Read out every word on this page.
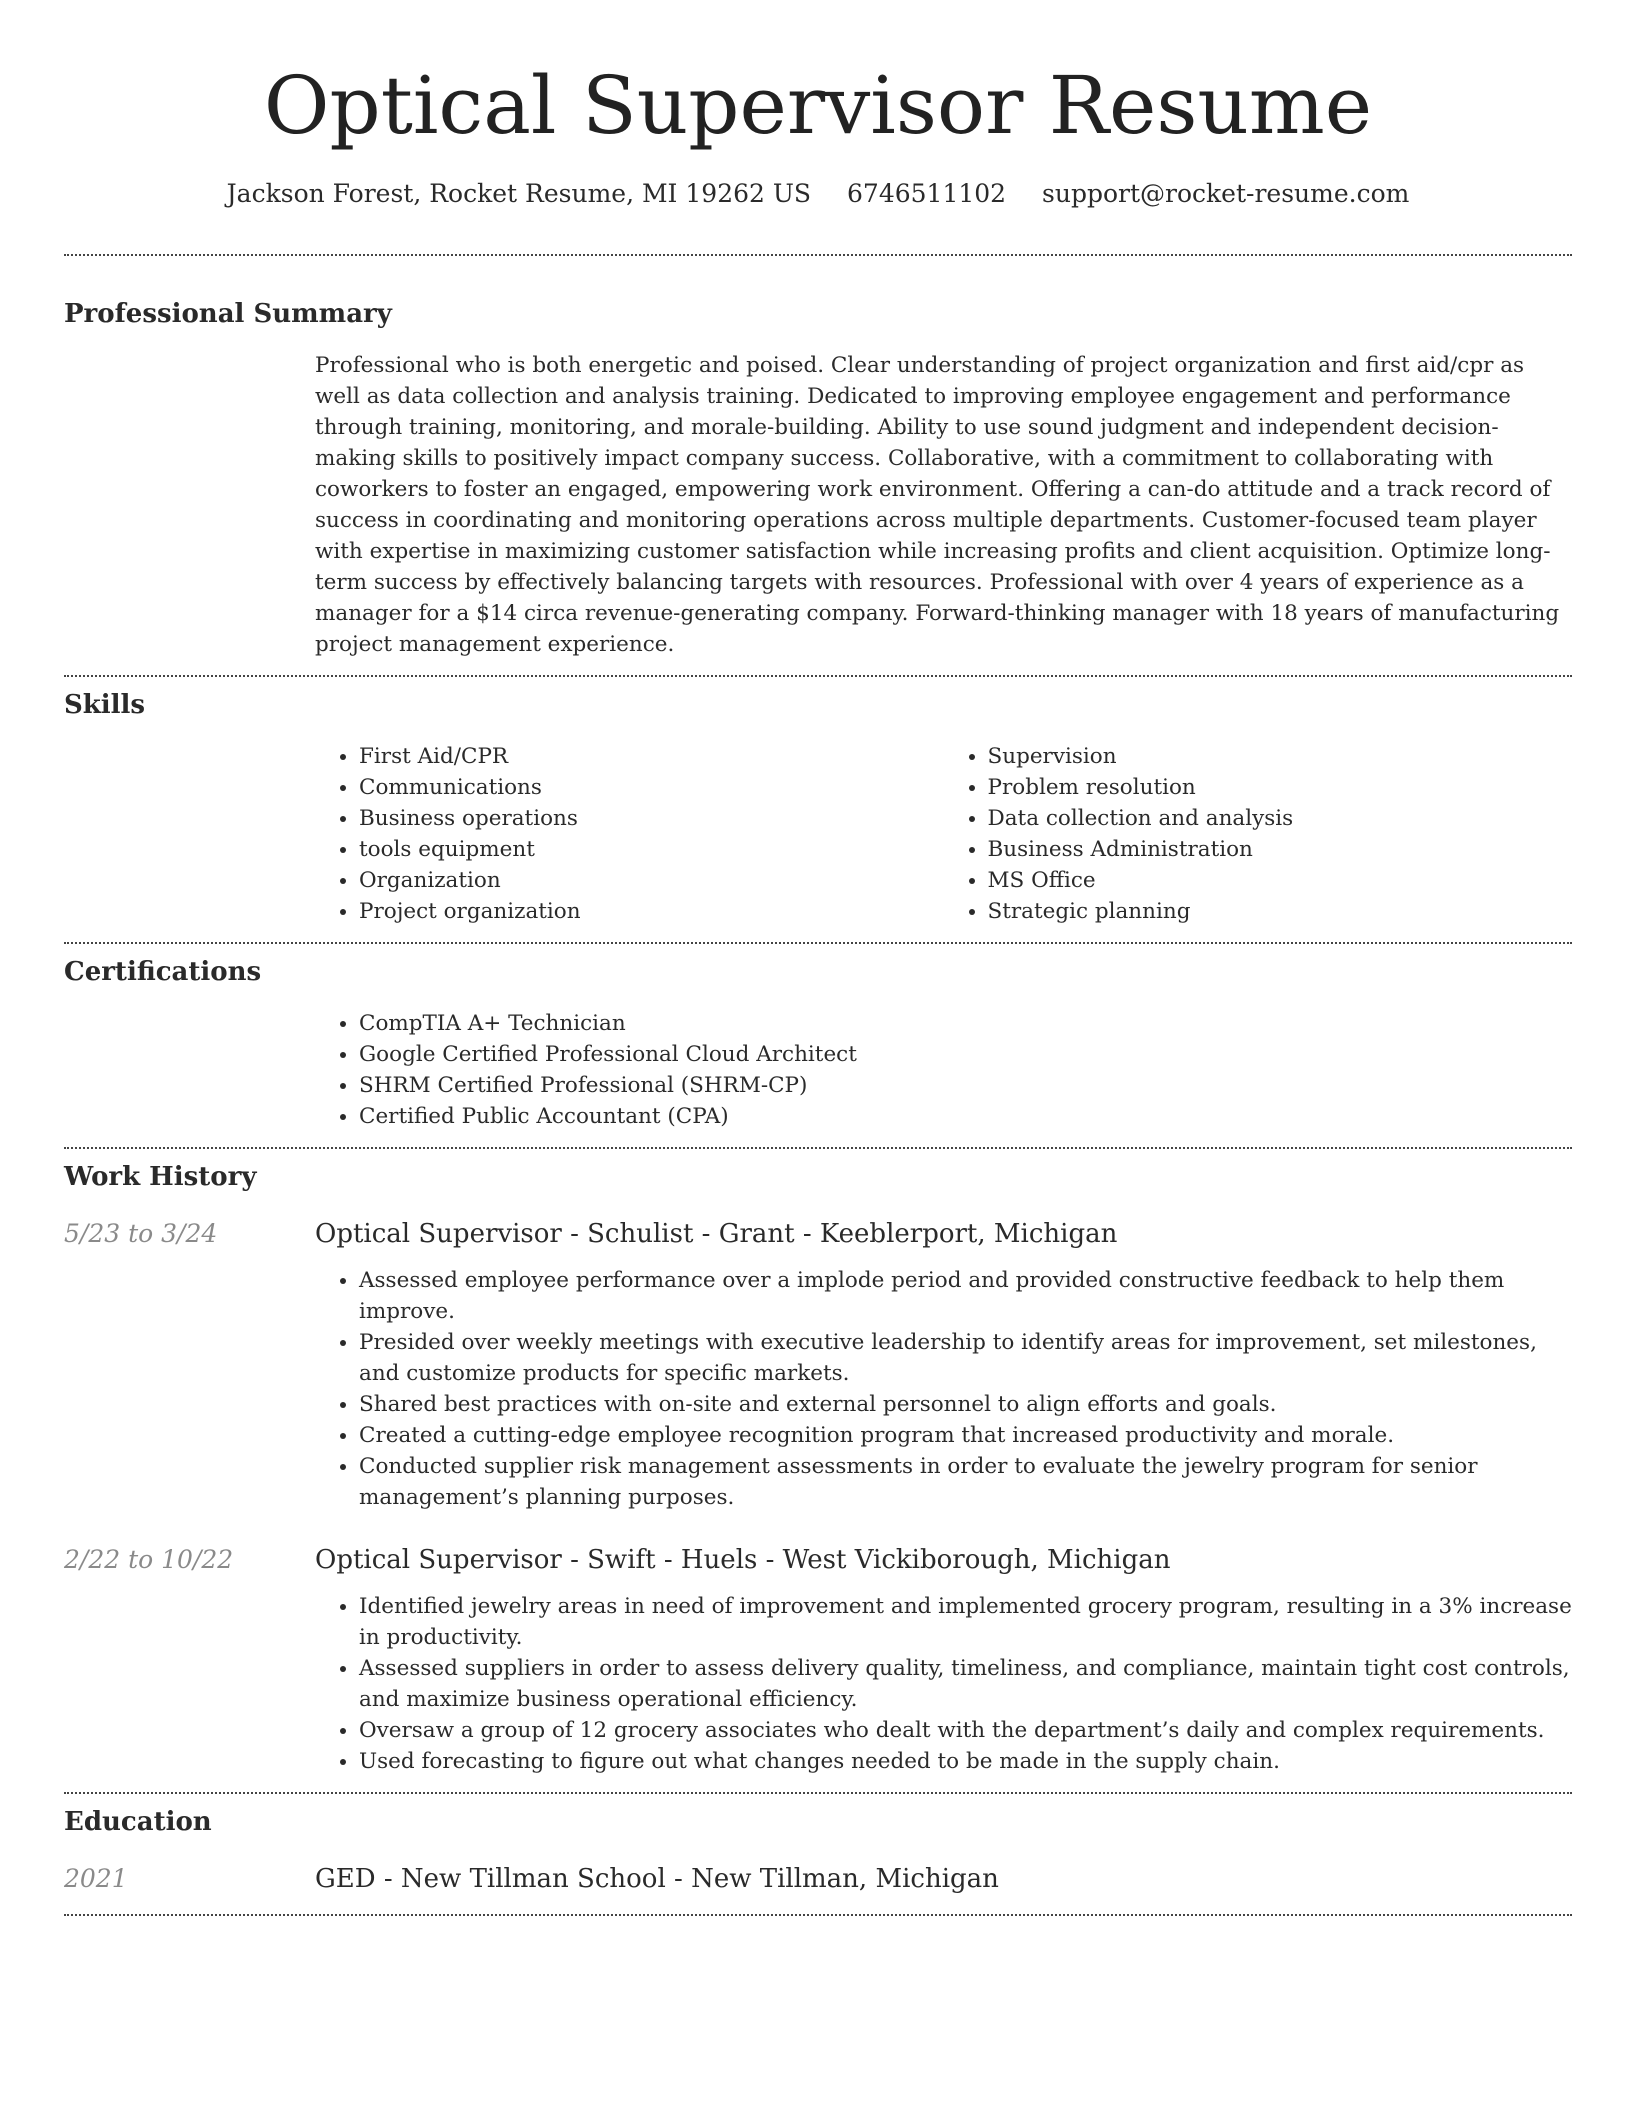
Optical Supervisor Resume
Jackson Forest, Rocket Resume, MI 19262 US 6746511102 support@rocket-resume.com
Professional Summary

Professional who is both energetic and poised. Clear understanding of project organization and first aid/cpr as well as data collection and analysis training. Dedicated to improving employee engagement and performance through training, monitoring, and morale-building. Ability to use sound judgment and independent decision-making skills to positively impact company success. Collaborative, with a commitment to collaborating with coworkers to foster an engaged, empowering work environment. Offering a can-do attitude and a track record of success in coordinating and monitoring operations across multiple departments. Customer-focused team player with expertise in maximizing customer satisfaction while increasing profits and client acquisition. Optimize long-term success by effectively balancing targets with resources. Professional with over 4 years of experience as a manager for a $14 circa revenue-generating company. Forward-thinking manager with 18 years of manufacturing project management experience.

Skills
• First Aid/CPR
• Communications
• Business operations
• tools equipment
• Organization
• Project organization
• Supervision
• Problem resolution
• Data collection and analysis
• Business Administration
• MS Office
• Strategic planning
Certifications
• CompTIA A+ Technician
• Google Certified Professional Cloud Architect
• SHRM Certified Professional (SHRM-CP)
• Certified Public Accountant (CPA)
Work History
5/23 to 3/24	Optical Supervisor - Schulist - Grant - Keeblerport, Michigan
• Assessed employee performance over a implode period and provided constructive feedback to help them improve.
• Presided over weekly meetings with executive leadership to identify areas for improvement, set milestones, and customize products for specific markets.
• Shared best practices with on-site and external personnel to align efforts and goals.
• Created a cutting-edge employee recognition program that increased productivity and morale.
• Conducted supplier risk management assessments in order to evaluate the jewelry program for senior management’s planning purposes.
2/22 to 10/22	Optical Supervisor - Swift - Huels - West Vickiborough, Michigan
• Identified jewelry areas in need of improvement and implemented grocery program, resulting in a 3% increase in productivity.
• Assessed suppliers in order to assess delivery quality, timeliness, and compliance, maintain tight cost controls, and maximize business operational efficiency.
• Oversaw a group of 12 grocery associates who dealt with the department’s daily and complex requirements.
• Used forecasting to figure out what changes needed to be made in the supply chain.
Education
2021	GED - New Tillman School - New Tillman, Michigan
